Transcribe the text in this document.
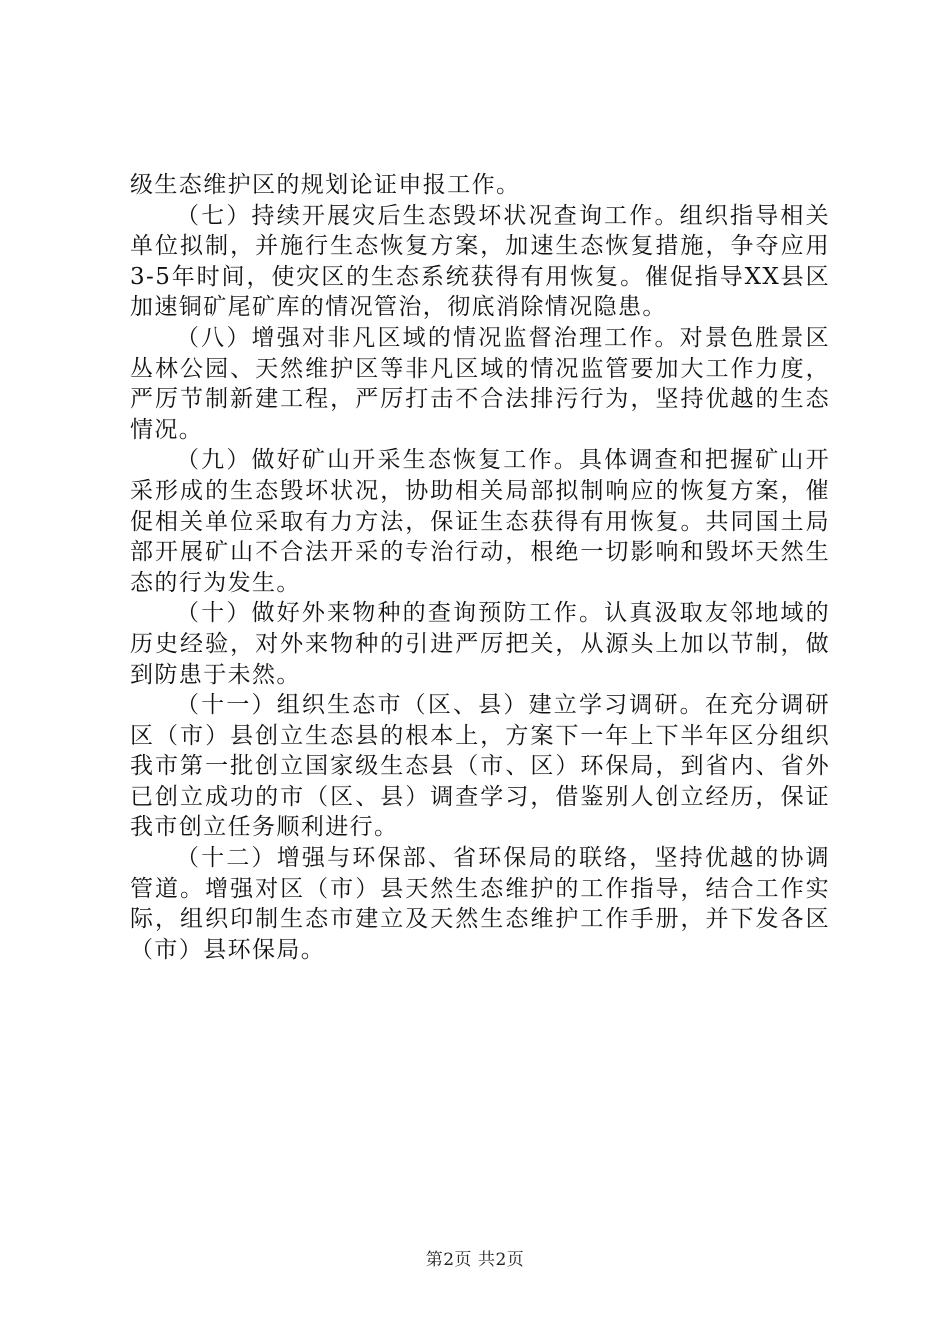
级生态维护区的规划论证申报工作。

（七）持续开展灾后生态毁坏状况查询工作。组织指导相关单位拟制，并施行生态恢复方案，加速生态恢复措施，争夺应用3-5年时间，使灾区的生态系统获得有用恢复。催促指导XX县区加速铜矿尾矿库的情况管治，彻底消除情况隐患。

（八）增强对非凡区域的情况监督治理工作。对景色胜景区丛林公园、天然维护区等非凡区域的情况监管要加大工作力度，严厉节制新建工程，严厉打击不合法排污行为，坚持优越的生态情况。

（九）做好矿山开采生态恢复工作。具体调查和把握矿山开采形成的生态毁坏状况，协助相关局部拟制响应的恢复方案，催促相关单位采取有力方法，保证生态获得有用恢复。共同国土局部开展矿山不合法开采的专治行动，根绝一切影响和毁坏天然生态的行为发生。

（十）做好外来物种的查询预防工作。认真汲取友邻地域的历史经验，对外来物种的引进严厉把关，从源头上加以节制，做到防患于未然。

（十一）组织生态市（区、县）建立学习调研。在充分调研区（市）县创立生态县的根本上，方案下一年上下半年区分组织我市第一批创立国家级生态县（市、区）环保局，到省内、省外已创立成功的市（区、县）调查学习，借鉴别人创立经历，保证我市创立任务顺利进行。

（十二）增强与环保部、省环保局的联络，坚持优越的协调管道。增强对区（市）县天然生态维护的工作指导，结合工作实际，组织印制生态市建立及天然生态维护工作手册，并下发各区（市）县环保局。

第2页 共2页
